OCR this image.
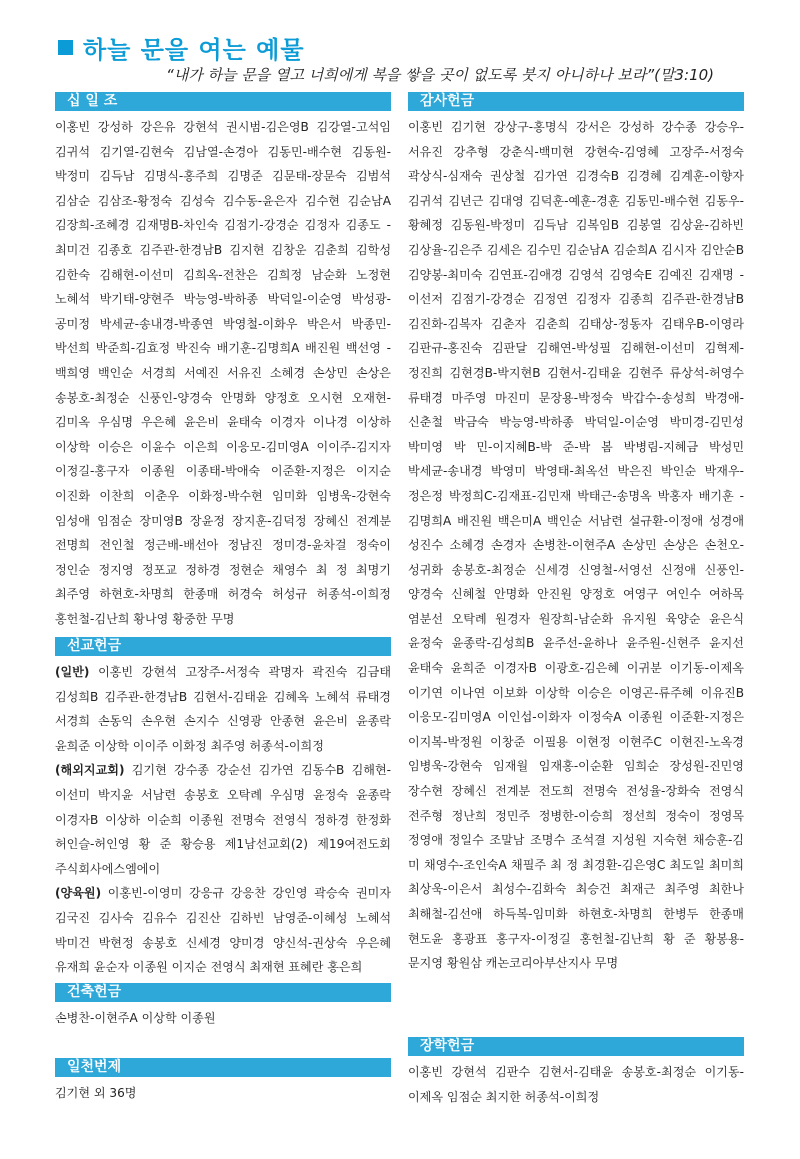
하늘 문을 여는 예물
“내가 하늘 문을 열고 너희에게 복을 쌓을 곳이 없도록 붓지 아니하나 보라”(말3:10)
십 일 조
이홍빈 강성하 강은유 강현석 권시범-김은영B 김강열-고석임 김귀석 김기열-김현숙 김남열-손경아 김동민-배수현 김동원-박정미 김득남 김명식-홍주희 김명준 김문태-장문숙 김범석 김삼순 김삼조-황정숙 김성숙 김수동-윤은자 김수현 김순남A 김장희-조혜경 김재명B-차인숙 김점기-강경순 김정자 김종도 -최미건 김종호 김주관-한경남B 김지현 김창운 김춘희 김학성 김한숙 김해현-이선미 김희옥-전찬은 김희정 남순화 노정현 노혜석 박기태-양현주 박능영-박하종 박덕일-이순영 박성광-공미정 박세균-송내경-박종연 박영철-이화우 박은서 박종민-박선희 박준희-김효정 박진숙 배기훈-김명희A 배진원 백선영 -백희영 백인순 서경희 서예진 서유진 소혜경 손상민 손상은 송봉호-최정순 신풍인-양경숙 안명화 양정호 오시현 오재현-김미옥 우심명 우은혜 윤은비 윤태숙 이경자 이나경 이상하 이상학 이승은 이윤수 이은희 이응모-김미영A 이이주-김지자 이정길-홍구자 이종원 이종태-박애숙 이준환-지정은 이지순 이진화 이찬희 이춘우 이화정-박수현 임미화 임병욱-강현숙 임성애 임점순 장미영B 장윤정 장지훈-김덕정 장혜신 전계분 전명희 전인철 정근배-배선아 정남진 정미경-윤차걸 정숙이 정인순 정지영 정포교 정하경 정현순 채영수 최 정 최명기 최주영 하현호-차명희 한종매 허경숙 허성규 허종석-이희정 홍헌철-김난희 황나영 황중한 무명
선교헌금

(일반) 이홍빈 강현석 고장주-서정숙 곽명자 곽진숙 김금태 김성희B 김주관-한경남B 김현서-김태윤 김혜옥 노혜석 류태경 서경희 손동익 손우현 손지수 신영광 안종현 윤은비 윤종락 윤희준 이상학 이이주 이화정 최주영 허종석-이희정

(해외지교회) 김기현 강수종 강순선 김가연 김동수B 김해현-이선미 박지윤 서남련 송봉호 오탁례 우심명 윤정숙 윤종락 이경자B 이상하 이순희 이종원 전명숙 전영식 정하경 한정화 허인슬-허인영 황 준 황승용 제1남선교회(2) 제19여전도회 주식회사에스엠에이

(양육원) 이홍빈-이영미 강응규 강응찬 강인영 곽승숙 권미자 김국진 김사숙 김유수 김진산 김하빈 남영준-이혜성 노혜석 박미건 박현정 송봉호 신세경 양미경 양신석-권상숙 우은혜 유재희 윤순자 이종원 이지순 전영식 최재현 표혜란 홍은희

건축헌금
손병찬-이현주A 이상학 이종원
일천번제
김기현 외 36명
감사헌금
이홍빈 김기현 강상구-홍명식 강서은 강성하 강수종 강승우-서유진 강추형 강춘식-백미현 강현숙-김영혜 고장주-서정숙 곽상식-심재숙 권상철 김가연 김경숙B 김경혜 김계훈-이향자 김귀석 김년근 김대영 김덕훈-예훈-경훈 김동민-배수현 김동우-황혜정 김동원-박정미 김득남 김복임B 김봉열 김상윤-김하빈 김상율-김은주 김세은 김수민 김순남A 김순희A 김시자 김안순B 김양봉-최미숙 김연표-김애경 김영석 김영숙E 김예진 김재명 -이선저 김점기-강경순 김정연 김정자 김종희 김주관-한경남B 김진화-김복자 김춘자 김춘희 김태상-정동자 김태우B-이영라 김판규-홍진숙 김판달 김해연-박성필 김해현-이선미 김혁제-정진희 김현경B-박지현B 김현서-김태윤 김현주 류상석-허영수 류태경 마주영 마진미 문장용-박정숙 박갑수-송성희 박경애-신춘철 박금숙 박능영-박하종 박덕일-이순영 박미경-김민성 박미영 박 민-이지혜B-박 준-박 봄 박병림-지혜금 박성민 박세균-송내경 박영미 박영태-최옥선 박은진 박인순 박재우-정은정 박정희C-김재표-김민재 박태근-송명옥 박홍자 배기훈 -김명희A 배진원 백은미A 백인순 서남련 설규환-이정애 성경애 성진수 소혜경 손경자 손병찬-이현주A 손상민 손상은 손천오-성귀화 송봉호-최정순 신세경 신영철-서영선 신정애 신풍인-양경숙 신혜철 안명화 안진원 양정호 여영구 여인수 여하목 염분선 오탁례 원경자 원장희-남순화 유지원 육양순 윤은식 윤정숙 윤종락-김성희B 윤주선-윤하나 윤주원-신현주 윤지선 윤태숙 윤희준 이경자B 이광호-김은혜 이귀분 이기동-이제옥 이기연 이나연 이보화 이상학 이승은 이영곤-류주혜 이유진B 이응모-김미영A 이인섭-이화자 이정숙A 이종원 이준환-지정은 이지복-박정원 이창준 이필용 이현정 이현주C 이현진-노옥경 임병욱-강현숙 임재월 임재홍-이순환 임희순 장성원-진민영 장수현 장혜신 전계분 전도희 전명숙 전성율-장화숙 전영식 전주형 정난희 정민주 정병한-이승희 정선희 정숙이 정영목 정영애 정일수 조말남 조명수 조석결 지성원 지숙현 채승훈-김 미 채영수-조인숙A 채필주 최 정 최경환-김은영C 최도일 최미희 최상욱-이은서 최성수-김화숙 최승건 최재근 최주영 최한나 최해철-김선애 하득복-임미화 하현호-차명희 한병두 한종매 현도윤 홍광표 홍구자-이정길 홍헌철-김난희 황 준 황봉용-문지영 황원삼 캐논코리아부산지사 무명
장학헌금
이홍빈 강현석 김판수 김현서-김태윤 송봉호-최정순 이기동-이제옥 임점순 최지한 허종석-이희정
